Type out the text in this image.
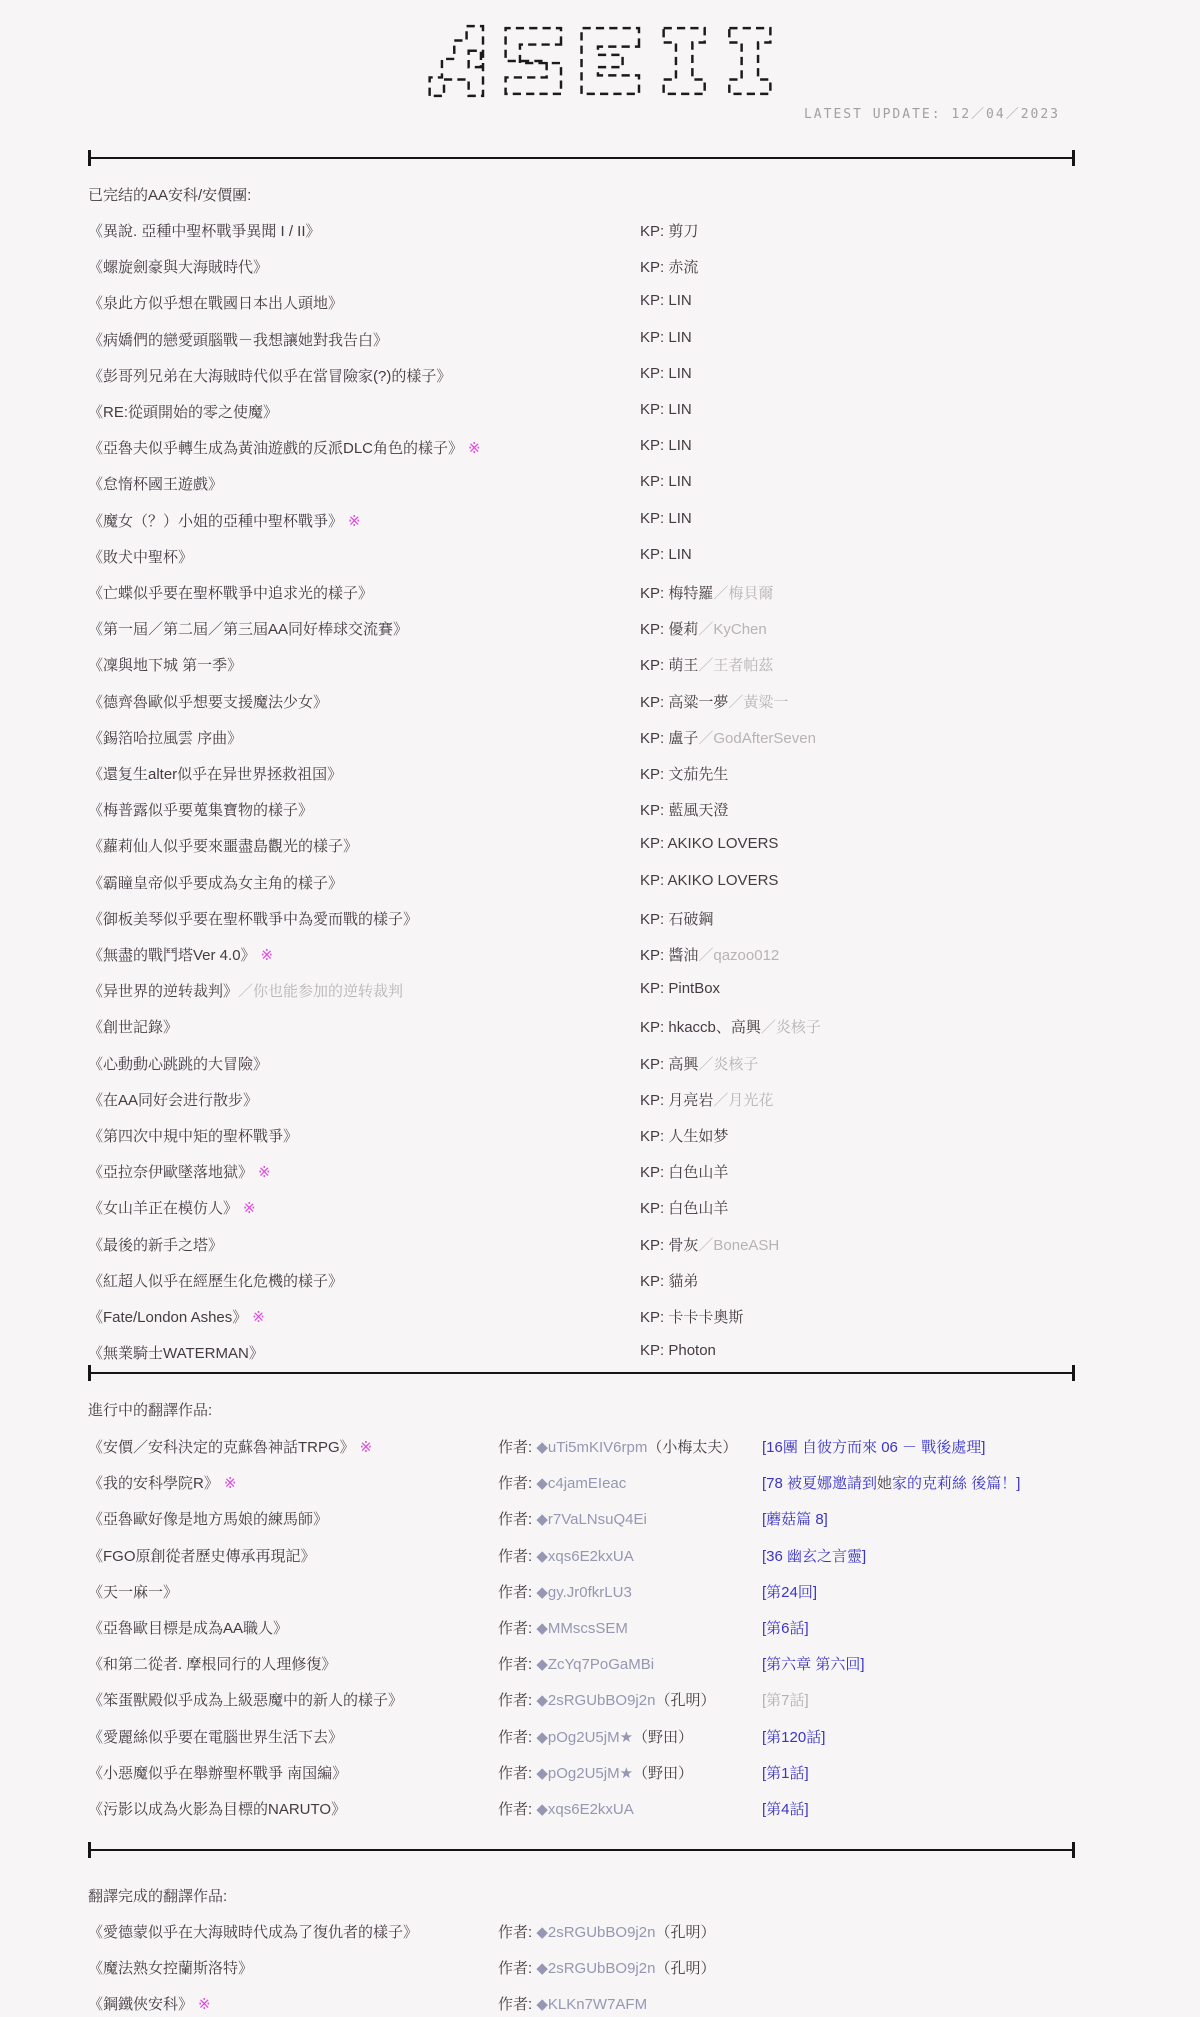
LATEST UPDATE: 12／04／2023
已完结的AA安科/安價團:
《異說. 亞種中聖杯戰爭異聞 I / II》	KP: 剪刀
《螺旋劍豪與大海賊時代》	KP: 赤流
《泉此方似乎想在戰國日本出人頭地》	KP: LIN
《病嬌們的戀愛頭腦戰－我想讓她對我告白》	KP: LIN
《彭哥列兄弟在大海賊時代似乎在當冒險家(?)的樣子》	KP: LIN
《RE:從頭開始的零之使魔》	KP: LIN
《亞魯夫似乎轉生成為黃油遊戲的反派DLC角色的樣子》 ※	KP: LIN
《怠惰杯國王遊戲》	KP: LIN
《魔女（？）小姐的亞種中聖杯戰爭》 ※	KP: LIN
《敗犬中聖杯》	KP: LIN
《亡蝶似乎要在聖杯戰爭中追求光的樣子》	KP: 梅特羅／梅貝爾
《第一屆／第二屆／第三屆AA同好棒球交流賽》	KP: 優莉／KyChen
《凜與地下城 第一季》	KP: 萌王／王者帕茲
《德齊魯歐似乎想要支援魔法少女》	KP: 高粱一夢／黃粱一
《錫箔哈拉風雲 序曲》	KP: 盧子／GodAfterSeven
《還复生alter似乎在异世界拯救祖国》	KP: 文茄先生
《梅普露似乎要蒐集寶物的樣子》	KP: 藍風天澄
《蘿莉仙人似乎要來噩盡島觀光的樣子》	KP: AKIKO LOVERS
《霸瞳皇帝似乎要成為女主角的樣子》	KP: AKIKO LOVERS
《御板美琴似乎要在聖杯戰爭中為愛而戰的樣子》	KP: 石破鋼
《無盡的戰鬥塔Ver 4.0》 ※	KP: 醬油／qazoo012
《异世界的逆转裁判》／你也能参加的逆转裁判	KP: PintBox
《創世記錄》	KP: hkaccb、高興／炎核子
《心動動心跳跳的大冒險》	KP: 高興／炎核子
《在AA同好会进行散步》	KP: 月亮岩／月光花
《第四次中規中矩的聖杯戰爭》	KP: 人生如梦
《亞拉奈伊歐墜落地獄》 ※	KP: 白色山羊
《女山羊正在模仿人》 ※	KP: 白色山羊
《最後的新手之塔》	KP: 骨灰／BoneASH
《紅超人似乎在經歷生化危機的樣子》	KP: 貓弟
《Fate/London Ashes》 ※	KP: 卡卡卡奧斯
《無業騎士WATERMAN》	KP: Photon
進行中的翻譯作品:
《安價／安科決定的克蘇魯神話TRPG》 ※	作者: ◆uTi5mKIV6rpm（小梅太夫） [16團 自彼方而來 06 － 戰後處理]
《我的安科學院R》 ※	作者: ◆c4jamEIeac	[78 被夏娜邀請到她家的克莉絲 後篇！]
《亞魯歐好像是地方馬娘的練馬師》	作者: ◆r7VaLNsuQ4Ei	[蘑菇篇 8]
《FGO原創從者歷史傳承再現記》	作者: ◆xqs6E2kxUA	[36 幽玄之言靈]
《天一麻一》	作者: ◆gy.Jr0fkrLU3	[第24回]
《亞魯歐目標是成為AA職人》	作者: ◆MMscsSEM	[第6話]
《和第二從者. 摩根同行的人理修復》	作者: ◆ZcYq7PoGaMBi	[第六章 第六回]
《笨蛋獸殿似乎成為上級惡魔中的新人的樣子》	作者: ◆2sRGUbBO9j2n（孔明）	[第7話]
《愛麗絲似乎要在電腦世界生活下去》	作者: ◆pOg2U5jM★（野田）	[第120話]
《小惡魔似乎在舉辦聖杯戰爭 南国編》	作者: ◆pOg2U5jM★（野田）	[第1話]
《污影以成為火影為目標的NARUTO》	作者: ◆xqs6E2kxUA	[第4話]
翻譯完成的翻譯作品:
《愛德蒙似乎在大海賊時代成為了復仇者的樣子》	作者: ◆2sRGUbBO9j2n（孔明）
《魔法熟女控蘭斯洛特》	作者: ◆2sRGUbBO9j2n（孔明）
《鋼鐵俠安科》 ※	作者: ◆KLKn7W7AFM
